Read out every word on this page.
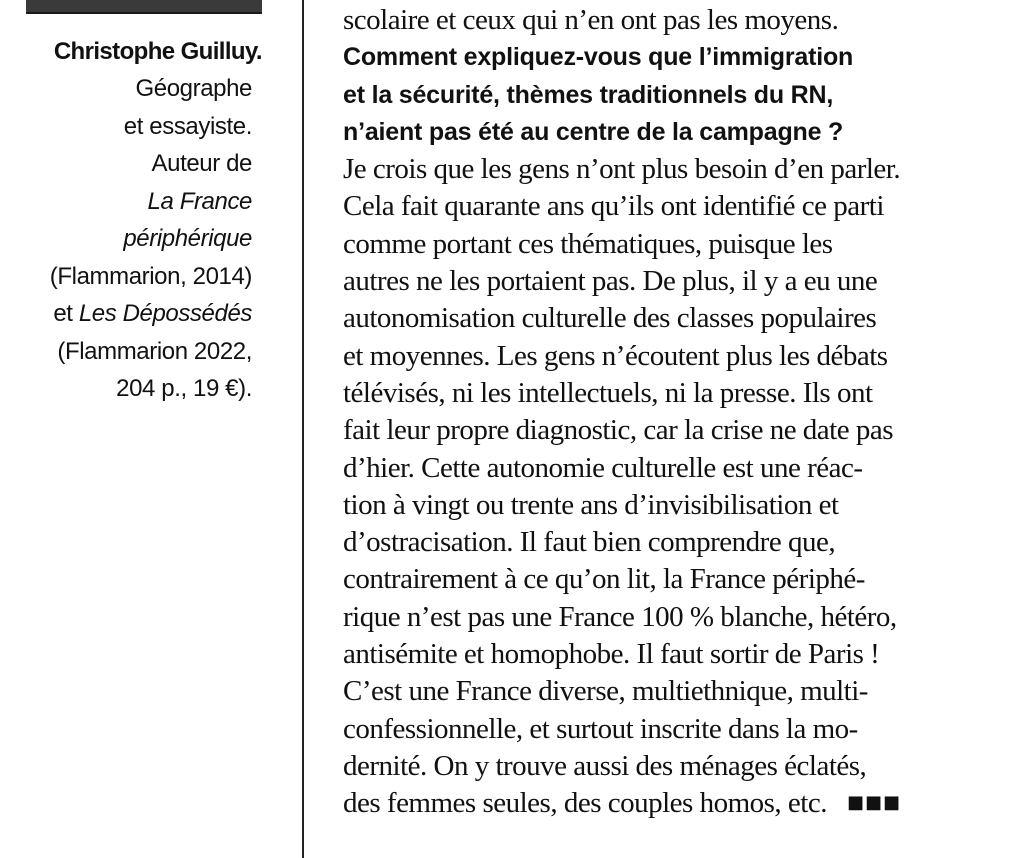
Christophe Guilluy.
Géographe
et essayiste.
Auteur de
La France
périphérique
(Flammarion, 2014)
et Les Dépossédés
(Flammarion 2022,
204 p., 19 €).
scolaire et ceux qui n’en ont pas les moyens.
Comment expliquez-vous que l’immigration
et la sécurité, thèmes traditionnels du RN,
n’aient pas été au centre de la campagne ?
Je crois que les gens n’ont plus besoin d’en parler.
Cela fait quarante ans qu’ils ont identifié ce parti
comme portant ces thématiques, puisque les
autres ne les portaient pas. De plus, il y a eu une
autonomisation culturelle des classes populaires
et moyennes. Les gens n’écoutent plus les débats
télévisés, ni les intellectuels, ni la presse. Ils ont
fait leur propre diagnostic, car la crise ne date pas
d’hier. Cette autonomie culturelle est une réac-
tion à vingt ou trente ans d’invisibilisation et
d’ostracisation. Il faut bien comprendre que,
contrairement à ce qu’on lit, la France périphé-
rique n’est pas une France 100 % blanche, hétéro,
antisémite et homophobe. Il faut sortir de Paris !
C’est une France diverse, multiethnique, multi-
confessionnelle, et surtout inscrite dans la mo-
dernité. On y trouve aussi des ménages éclatés,
des femmes seules, des couples homos, etc. ■■■
